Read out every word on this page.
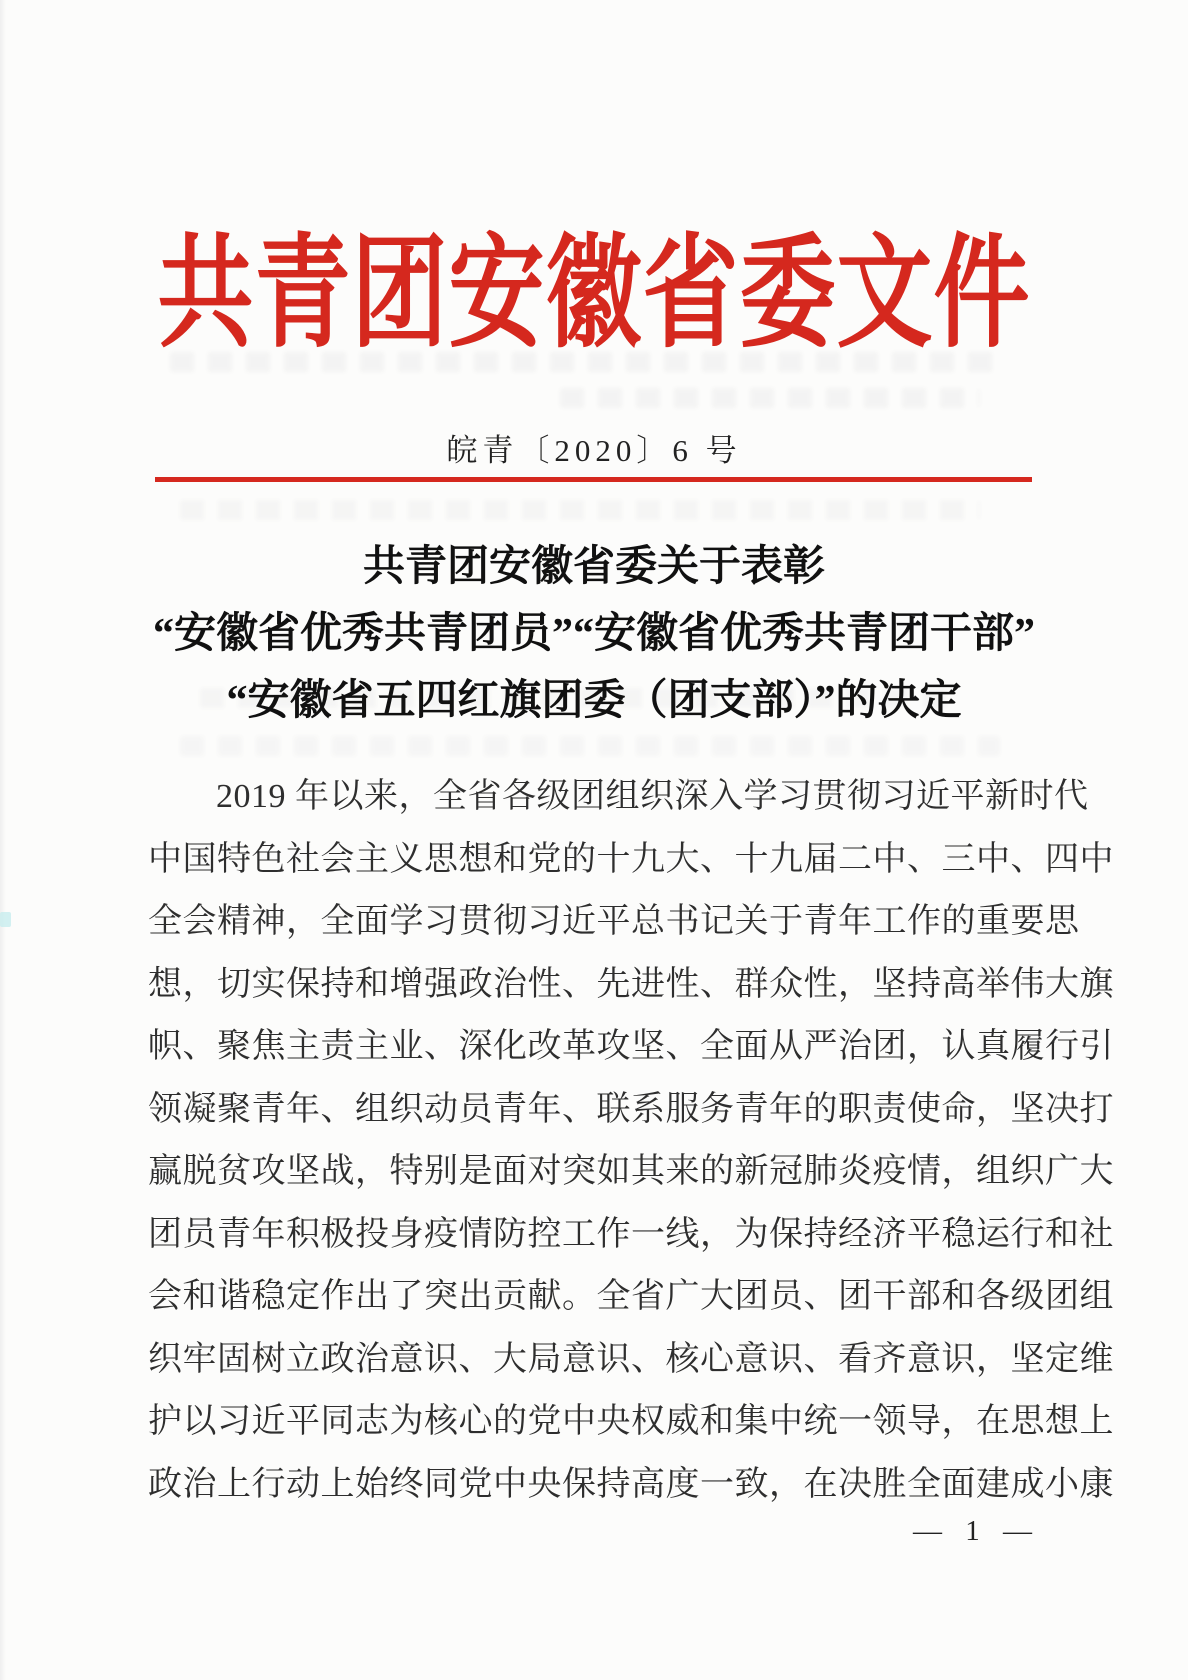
共青团安徽省委文件
皖青〔2020〕6 号
共青团安徽省委关于表彰
“安徽省优秀共青团员”“安徽省优秀共青团干部”
“安徽省五四红旗团委（团支部）”的决定
2019 年以来，全省各级团组织深入学习贯彻习近平新时代
中国特色社会主义思想和党的十九大、十九届二中、三中、四中
全会精神，全面学习贯彻习近平总书记关于青年工作的重要思
想，切实保持和增强政治性、先进性、群众性，坚持高举伟大旗
帜、聚焦主责主业、深化改革攻坚、全面从严治团，认真履行引
领凝聚青年、组织动员青年、联系服务青年的职责使命，坚决打
赢脱贫攻坚战，特别是面对突如其来的新冠肺炎疫情，组织广大
团员青年积极投身疫情防控工作一线，为保持经济平稳运行和社
会和谐稳定作出了突出贡献。全省广大团员、团干部和各级团组
织牢固树立政治意识、大局意识、核心意识、看齐意识，坚定维
护以习近平同志为核心的党中央权威和集中统一领导，在思想上
政治上行动上始终同党中央保持高度一致，在决胜全面建成小康
— 1 —
